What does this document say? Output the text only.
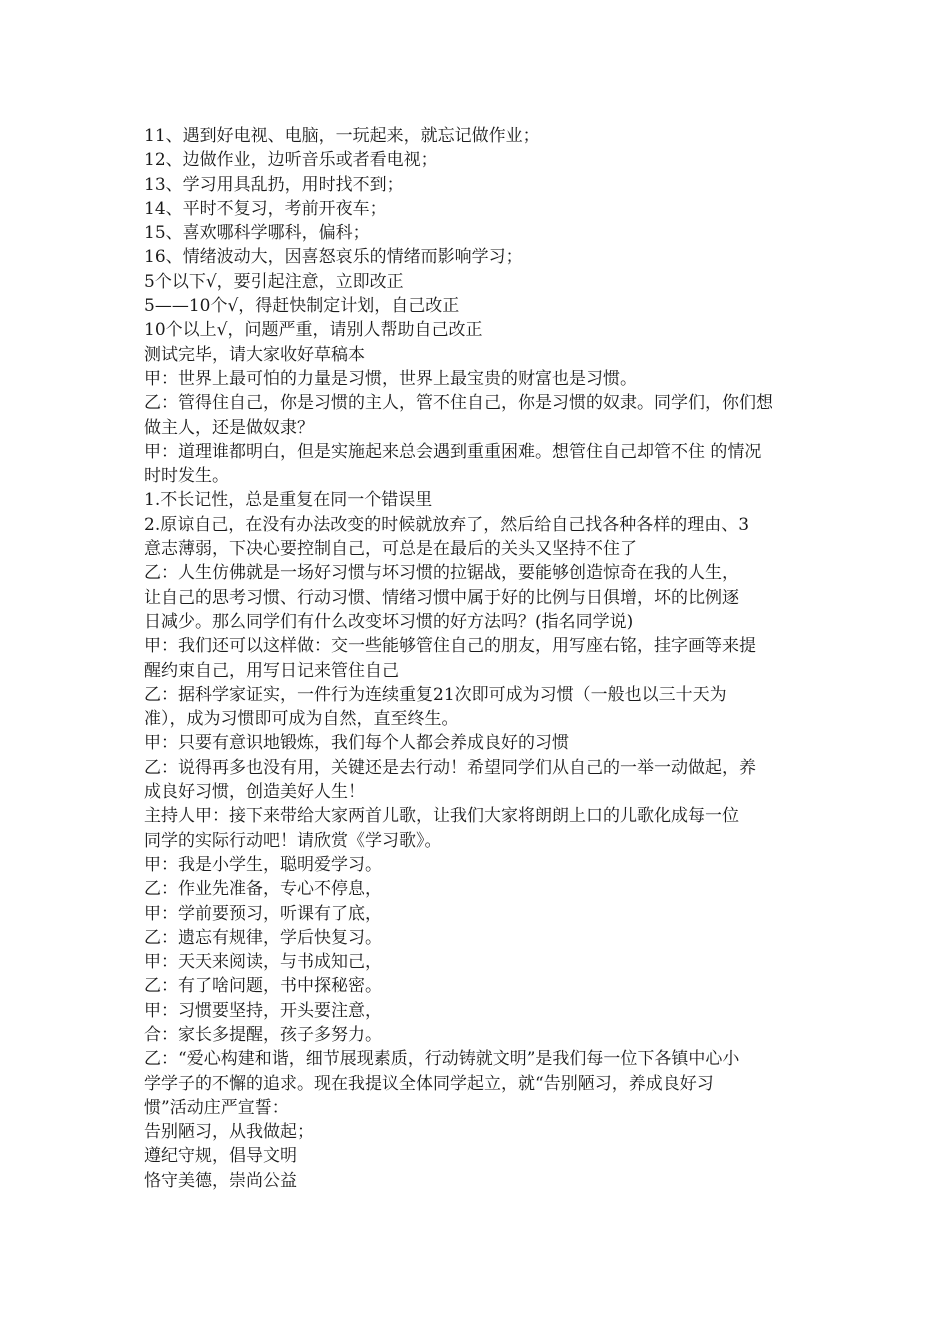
11、遇到好电视、电脑，一玩起来，就忘记做作业；
12、边做作业，边听音乐或者看电视；
13、学习用具乱扔，用时找不到；
14、平时不复习，考前开夜车；
15、喜欢哪科学哪科，偏科；
16、情绪波动大，因喜怒哀乐的情绪而影响学习；
5个以下√，要引起注意，立即改正
5——10个√，得赶快制定计划，自己改正
10个以上√，问题严重，请别人帮助自己改正
测试完毕，请大家收好草稿本
甲：世界上最可怕的力量是习惯，世界上最宝贵的财富也是习惯。
乙：管得住自己，你是习惯的主人，管不住自己，你是习惯的奴隶。同学们，你们想
做主人，还是做奴隶？
甲：道理谁都明白，但是实施起来总会遇到重重困难。想管住自己却管不住 的情况
时时发生。
1.不长记性，总是重复在同一个错误里
2.原谅自己，在没有办法改变的时候就放弃了，然后给自己找各种各样的理由、3
意志薄弱，下决心要控制自己，可总是在最后的关头又坚持不住了
乙：人生仿佛就是一场好习惯与坏习惯的拉锯战，要能够创造惊奇在我的人生，
让自己的思考习惯、行动习惯、情绪习惯中属于好的比例与日俱增，坏的比例逐
日减少。那么同学们有什么改变坏习惯的好方法吗？(指名同学说)
甲：我们还可以这样做：交一些能够管住自己的朋友，用写座右铭，挂字画等来提
醒约束自己，用写日记来管住自己
乙：据科学家证实，一件行为连续重复21次即可成为习惯（一般也以三十天为
准），成为习惯即可成为自然，直至终生。
甲：只要有意识地锻炼，我们每个人都会养成良好的习惯
乙：说得再多也没有用，关键还是去行动！希望同学们从自己的一举一动做起，养
成良好习惯，创造美好人生！
主持人甲：接下来带给大家两首儿歌，让我们大家将朗朗上口的儿歌化成每一位
同学的实际行动吧！请欣赏《学习歌》。
甲：我是小学生，聪明爱学习。
乙：作业先准备，专心不停息，
甲：学前要预习，听课有了底，
乙：遗忘有规律，学后快复习。
甲：天天来阅读，与书成知己，
乙：有了啥问题，书中探秘密。
甲：习惯要坚持，开头要注意，
合：家长多提醒，孩子多努力。
乙：“爱心构建和谐，细节展现素质，行动铸就文明”是我们每一位下各镇中心小
学学子的不懈的追求。现在我提议全体同学起立，就“告别陋习，养成良好习
惯”活动庄严宣誓：
告别陋习，从我做起；
遵纪守规，倡导文明
恪守美德，崇尚公益
